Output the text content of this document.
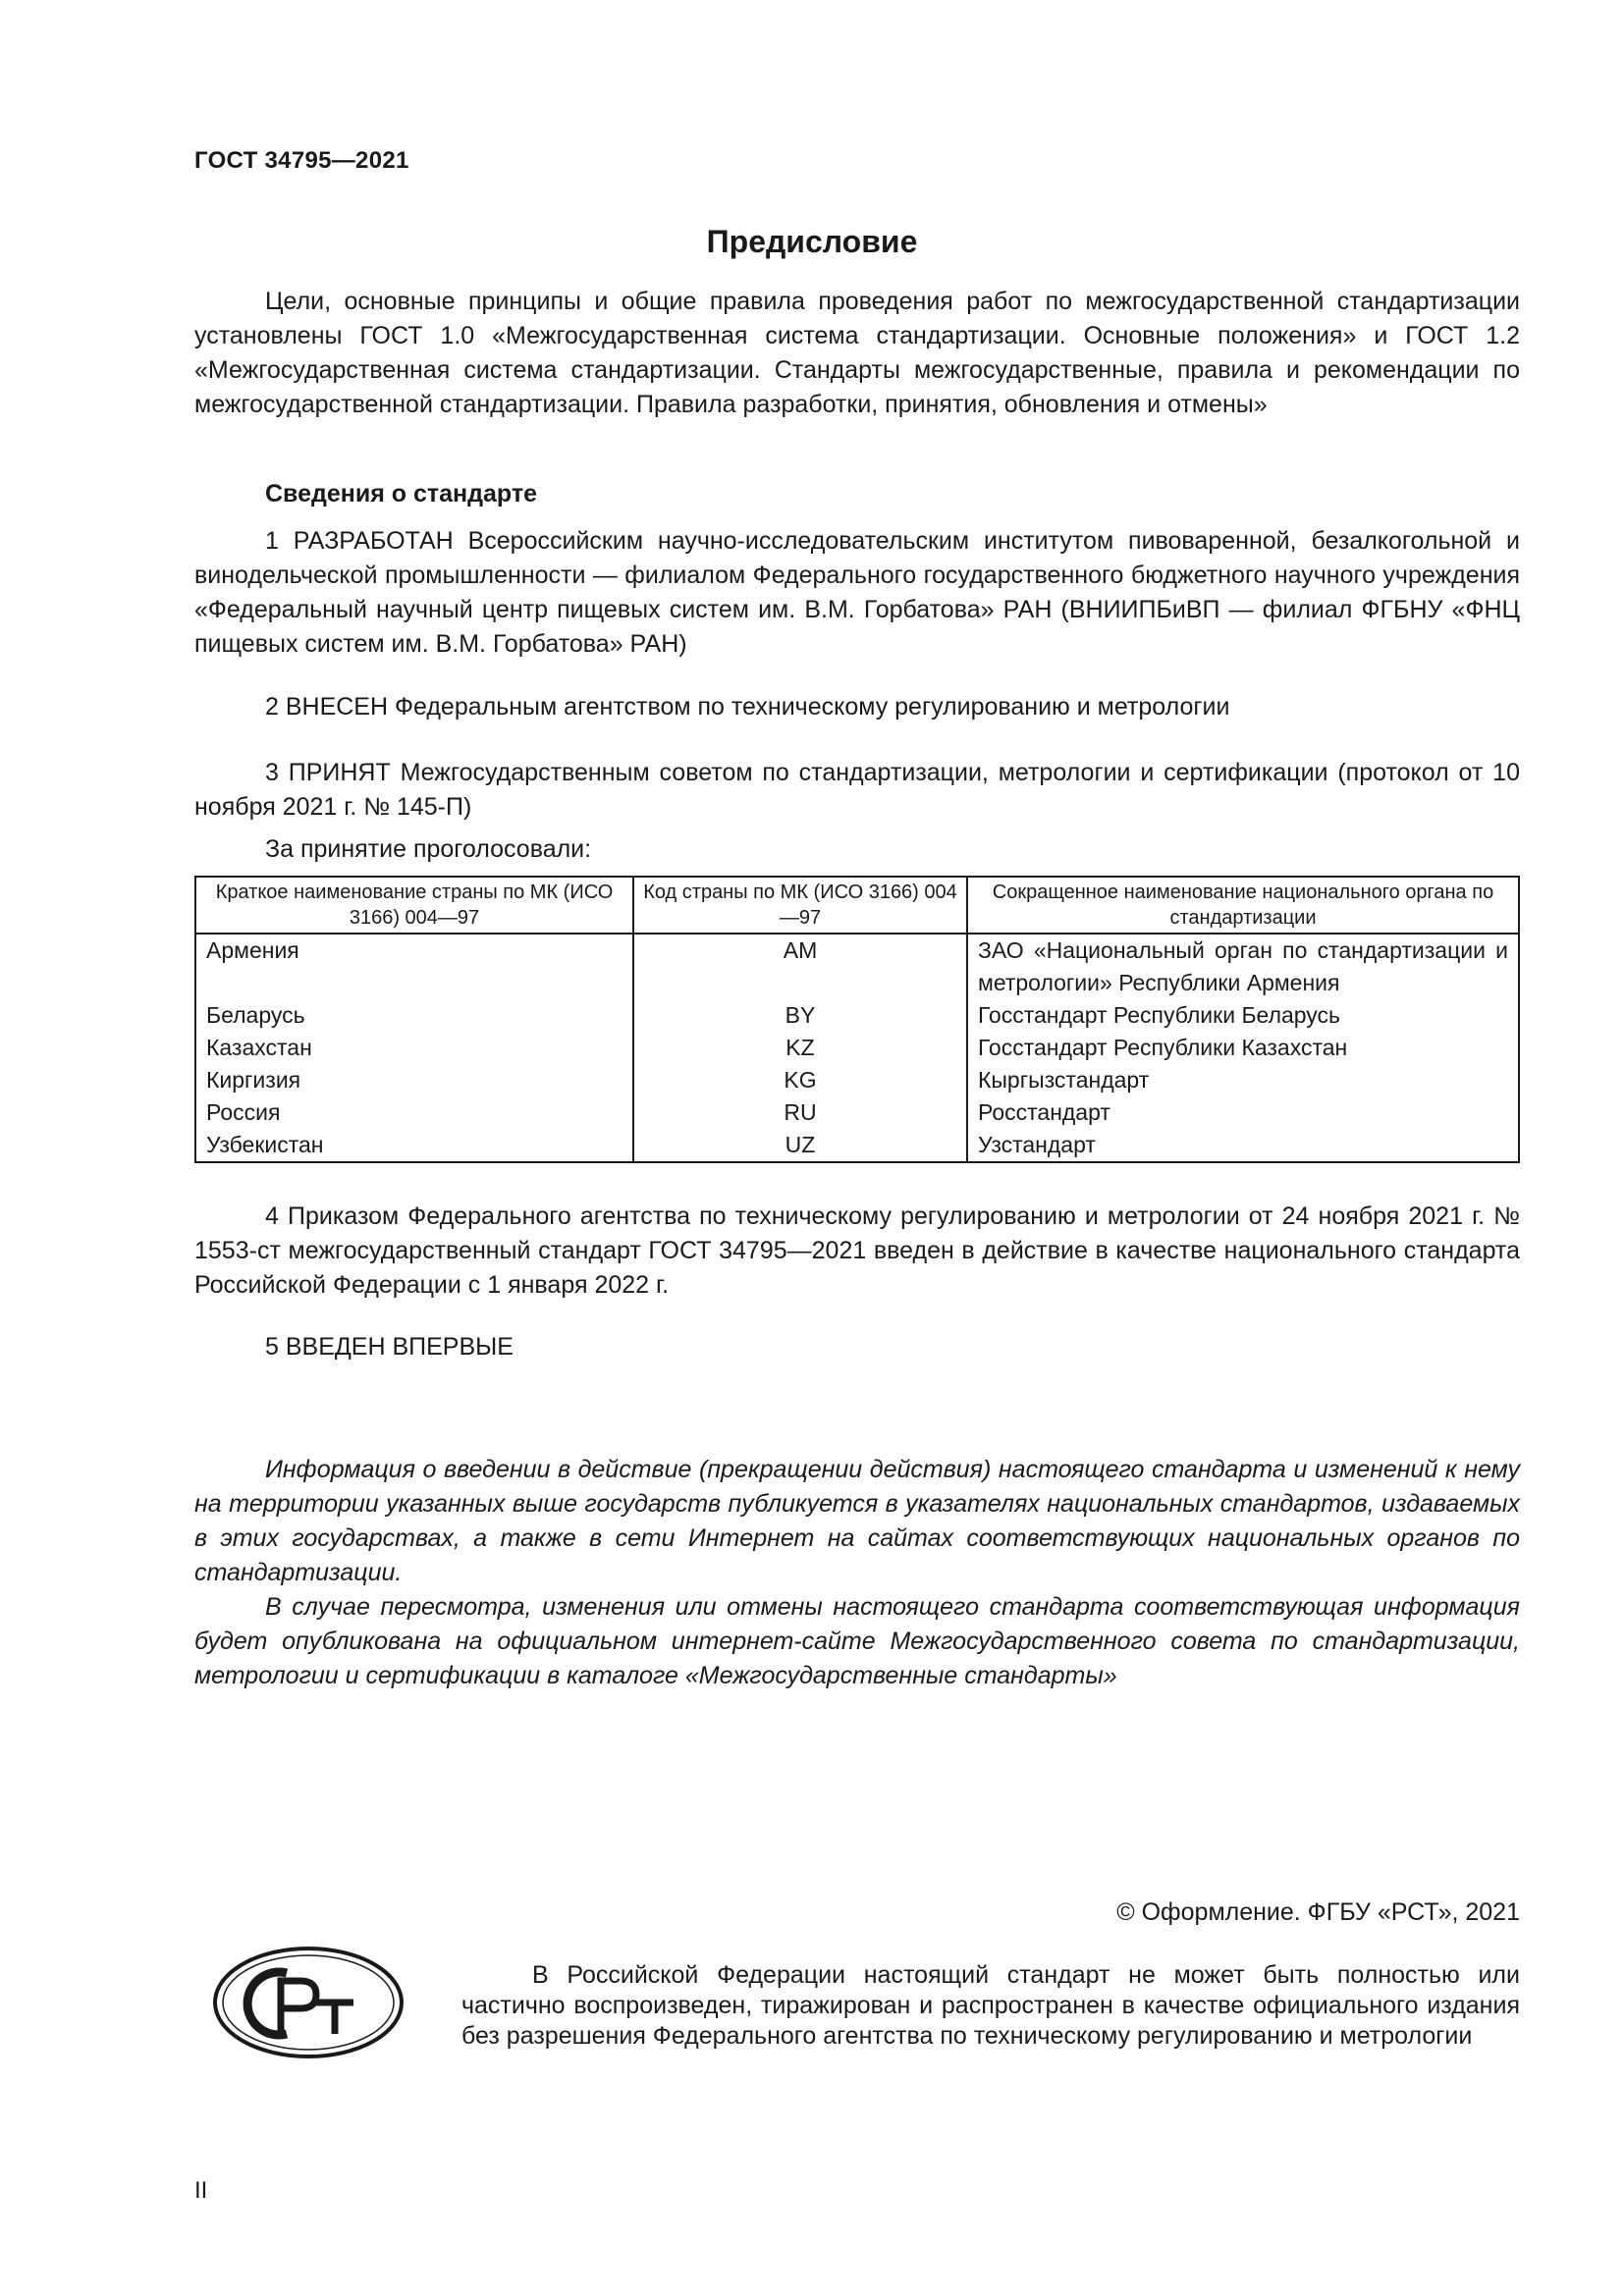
ГОСТ 34795—2021
Предисловие
Цели, основные принципы и общие правила проведения работ по межгосударственной стандартизации установлены ГОСТ 1.0 «Межгосударственная система стандартизации. Основные положения» и ГОСТ 1.2 «Межгосударственная система стандартизации. Стандарты межгосударственные, правила и рекомендации по межгосударственной стандартизации. Правила разработки, принятия, обновления и отмены»
Сведения о стандарте
1 РАЗРАБОТАН Всероссийским научно-исследовательским институтом пивоваренной, безалкогольной и винодельческой промышленности — филиалом Федерального государственного бюджетного научного учреждения «Федеральный научный центр пищевых систем им. В.М. Горбатова» РАН (ВНИИПБиВП — филиал ФГБНУ «ФНЦ пищевых систем им. В.М. Горбатова» РАН)
2 ВНЕСЕН Федеральным агентством по техническому регулированию и метрологии
3 ПРИНЯТ Межгосударственным советом по стандартизации, метрологии и сертификации (протокол от 10 ноября 2021 г. № 145-П)
За принятие проголосовали:
Краткое наименование страны по МК (ИСО 3166) 004—97	Код страны по МК (ИСО 3166) 004—97	Сокращенное наименование национального органа по стандартизации
Армения	AM	ЗАО «Национальный орган по стандартизации и метрологии» Республики Армения
Беларусь	BY	Госстандарт Республики Беларусь
Казахстан	KZ	Госстандарт Республики Казахстан
Киргизия	KG	Кыргызстандарт
Россия	RU	Росстандарт
Узбекистан	UZ	Узстандарт
4 Приказом Федерального агентства по техническому регулированию и метрологии от 24 ноября 2021 г. № 1553-ст межгосударственный стандарт ГОСТ 34795—2021 введен в действие в качестве национального стандарта Российской Федерации с 1 января 2022 г.
5 ВВЕДЕН ВПЕРВЫЕ
Информация о введении в действие (прекращении действия) настоящего стандарта и изменений к нему на территории указанных выше государств публикуется в указателях национальных стандартов, издаваемых в этих государствах, а также в сети Интернет на сайтах соответствующих национальных органов по стандартизации.
В случае пересмотра, изменения или отмены настоящего стандарта соответствующая информация будет опубликована на официальном интернет-сайте Межгосударственного совета по стандартизации, метрологии и сертификации в каталоге «Межгосударственные стандарты»
© Оформление. ФГБУ «РСТ», 2021
В Российской Федерации настоящий стандарт не может быть полностью или частично воспроизведен, тиражирован и распространен в качестве официального издания без разрешения Федерального агентства по техническому регулированию и метрологии
II
